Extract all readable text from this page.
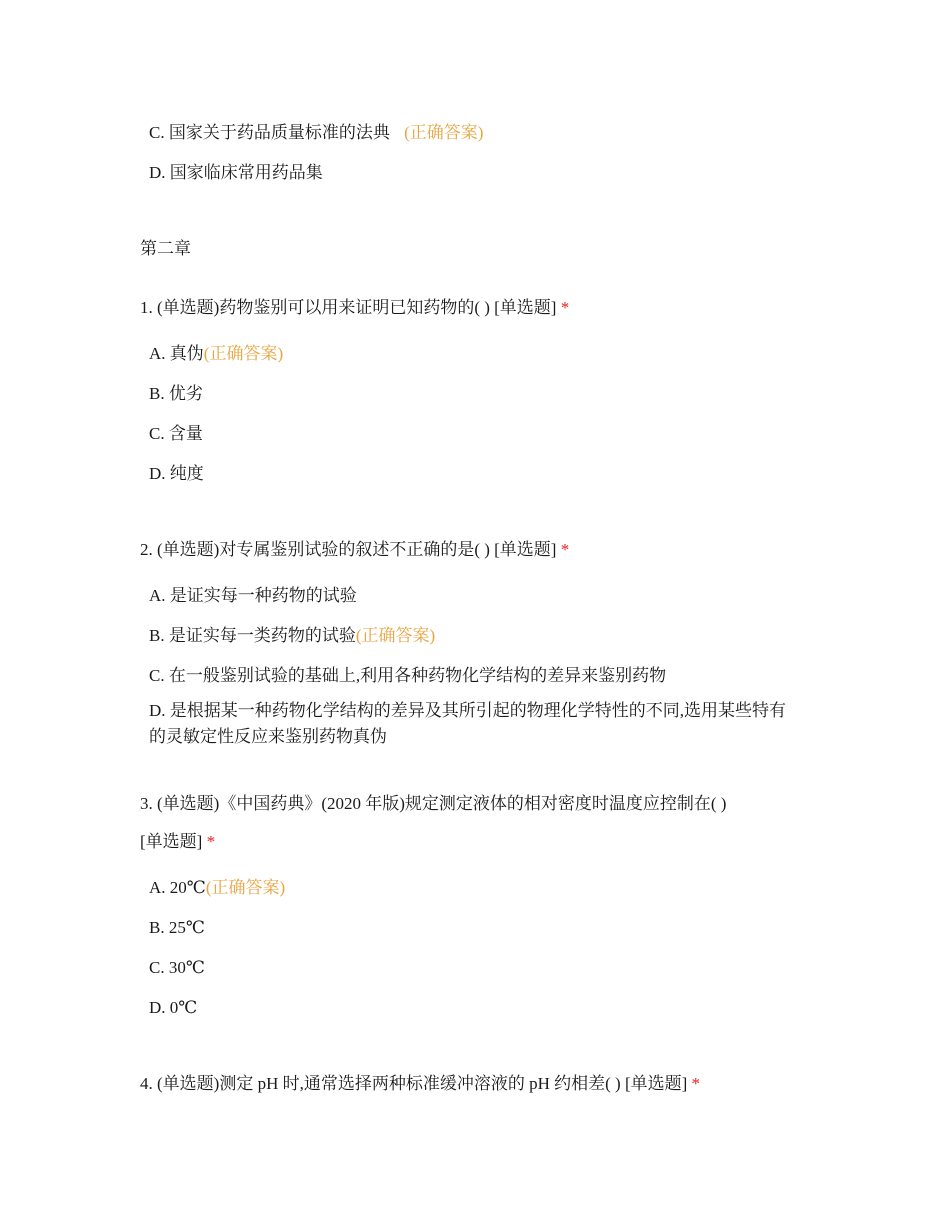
C. 国家关于药品质量标准的法典 (正确答案)
D. 国家临床常用药品集
第二章
1. (单选题)药物鉴别可以用来证明已知药物的( ) [单选题] *
A. 真伪(正确答案)
B. 优劣
C. 含量
D. 纯度
2. (单选题)对专属鉴别试验的叙述不正确的是( ) [单选题] *
A. 是证实每一种药物的试验
B. 是证实每一类药物的试验(正确答案)
C. 在一般鉴别试验的基础上,利用各种药物化学结构的差异来鉴别药物
D. 是根据某一种药物化学结构的差异及其所引起的物理化学特性的不同,选用某些特有的灵敏定性反应来鉴别药物真伪
3. (单选题)《中国药典》(2020 年版)规定测定液体的相对密度时温度应控制在( )
[单选题] *
A. 20℃(正确答案)
B. 25℃
C. 30℃
D. 0℃
4. (单选题)测定 pH 时,通常选择两种标准缓冲溶液的 pH 约相差( ) [单选题] *
